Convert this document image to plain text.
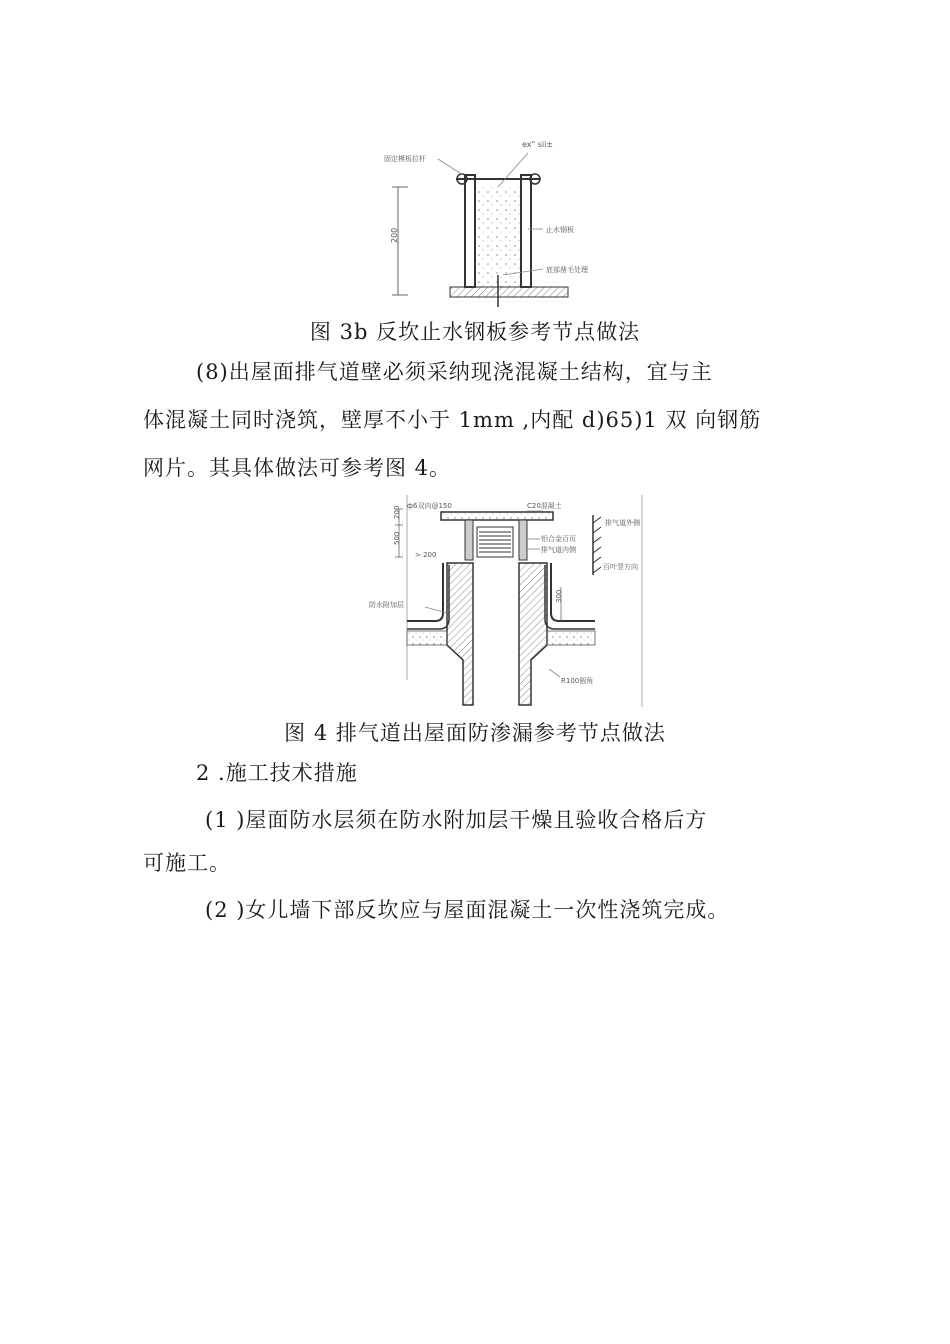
200
ex" sii±
固定模板拉杆
止水钢板
底部凿毛处理
图 3b 反坎止水钢板参考节点做法
(8)出屋面排气道壁必须采纳现浇混凝土结构，宜与主
体混凝土同时浇筑，壁厚不小于 1mm ,内配 d)65)1 双 向钢筋
网片。其具体做法可参考图 4。
200
500
300
ф6双向@150	C20混凝土
> 200
铝合金百页
排气道内侧
排气道外侧
百叶竖方向
防水附加层
R100圆角
图 4 排气道出屋面防渗漏参考节点做法
2 .施工技术措施
(1 )屋面防水层须在防水附加层干燥且验收合格后方
可施工。
(2 )女儿墙下部反坎应与屋面混凝土一次性浇筑完成。
